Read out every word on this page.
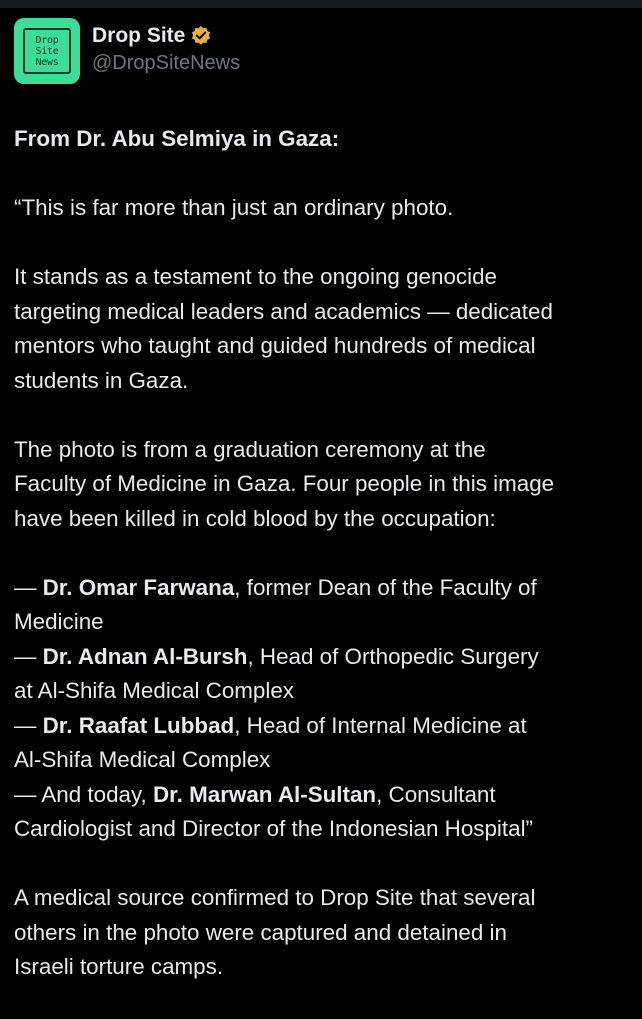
Drop
Site
News
Drop Site
@DropSiteNews
From Dr. Abu Selmiya in Gaza:
“This is far more than just an ordinary photo.
It stands as a testament to the ongoing genocide
targeting medical leaders and academics — dedicated
mentors who taught and guided hundreds of medical
students in Gaza.
The photo is from a graduation ceremony at the
Faculty of Medicine in Gaza. Four people in this image
have been killed in cold blood by the occupation:
— Dr. Omar Farwana, former Dean of the Faculty of
Medicine
— Dr. Adnan Al-Bursh, Head of Orthopedic Surgery
at Al-Shifa Medical Complex
— Dr. Raafat Lubbad, Head of Internal Medicine at
Al-Shifa Medical Complex
— And today, Dr. Marwan Al-Sultan, Consultant
Cardiologist and Director of the Indonesian Hospital”
A medical source confirmed to Drop Site that several
others in the photo were captured and detained in
Israeli torture camps.
